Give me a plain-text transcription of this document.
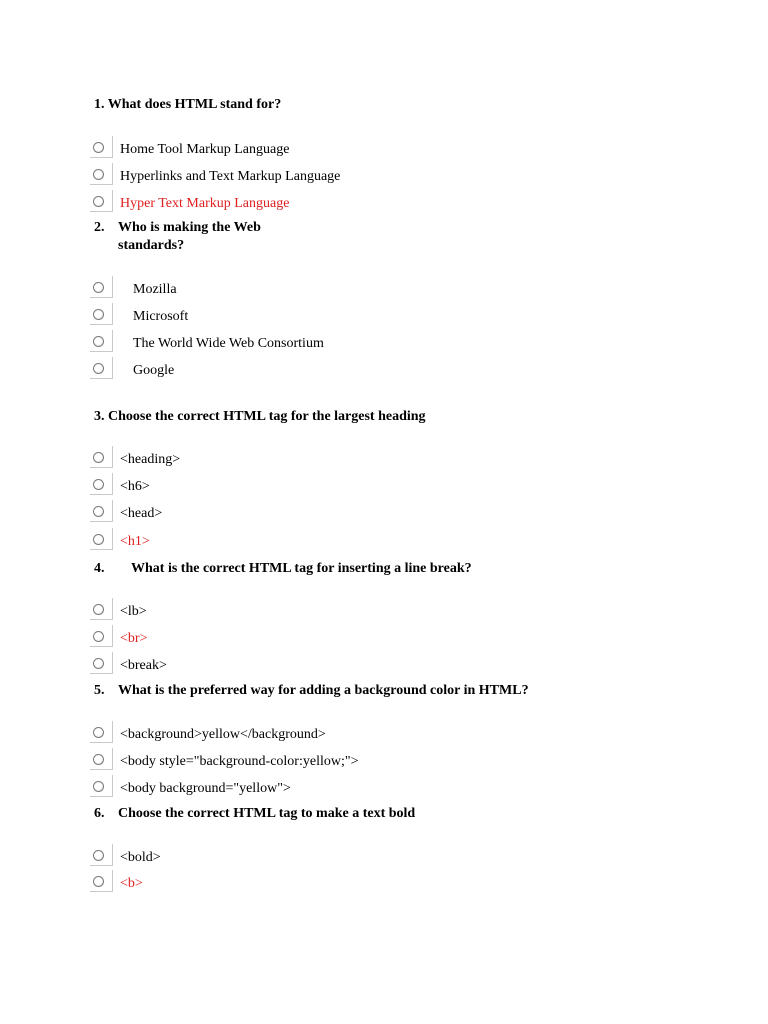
1. What does HTML stand for?
Home Tool Markup Language
Hyperlinks and Text Markup Language
Hyper Text Markup Language
2. Who is making the Web
standards?
Mozilla
Microsoft
The World Wide Web Consortium
Google
3. Choose the correct HTML tag for the largest heading
<heading>
<h6>
<head>
<h1>
4. What is the correct HTML tag for inserting a line break?
<lb>
<br>
<break>
5. What is the preferred way for adding a background color in HTML?
<background>yellow</background>
<body style="background-color:yellow;">
<body background="yellow">
6. Choose the correct HTML tag to make a text bold
<bold>
<b>
